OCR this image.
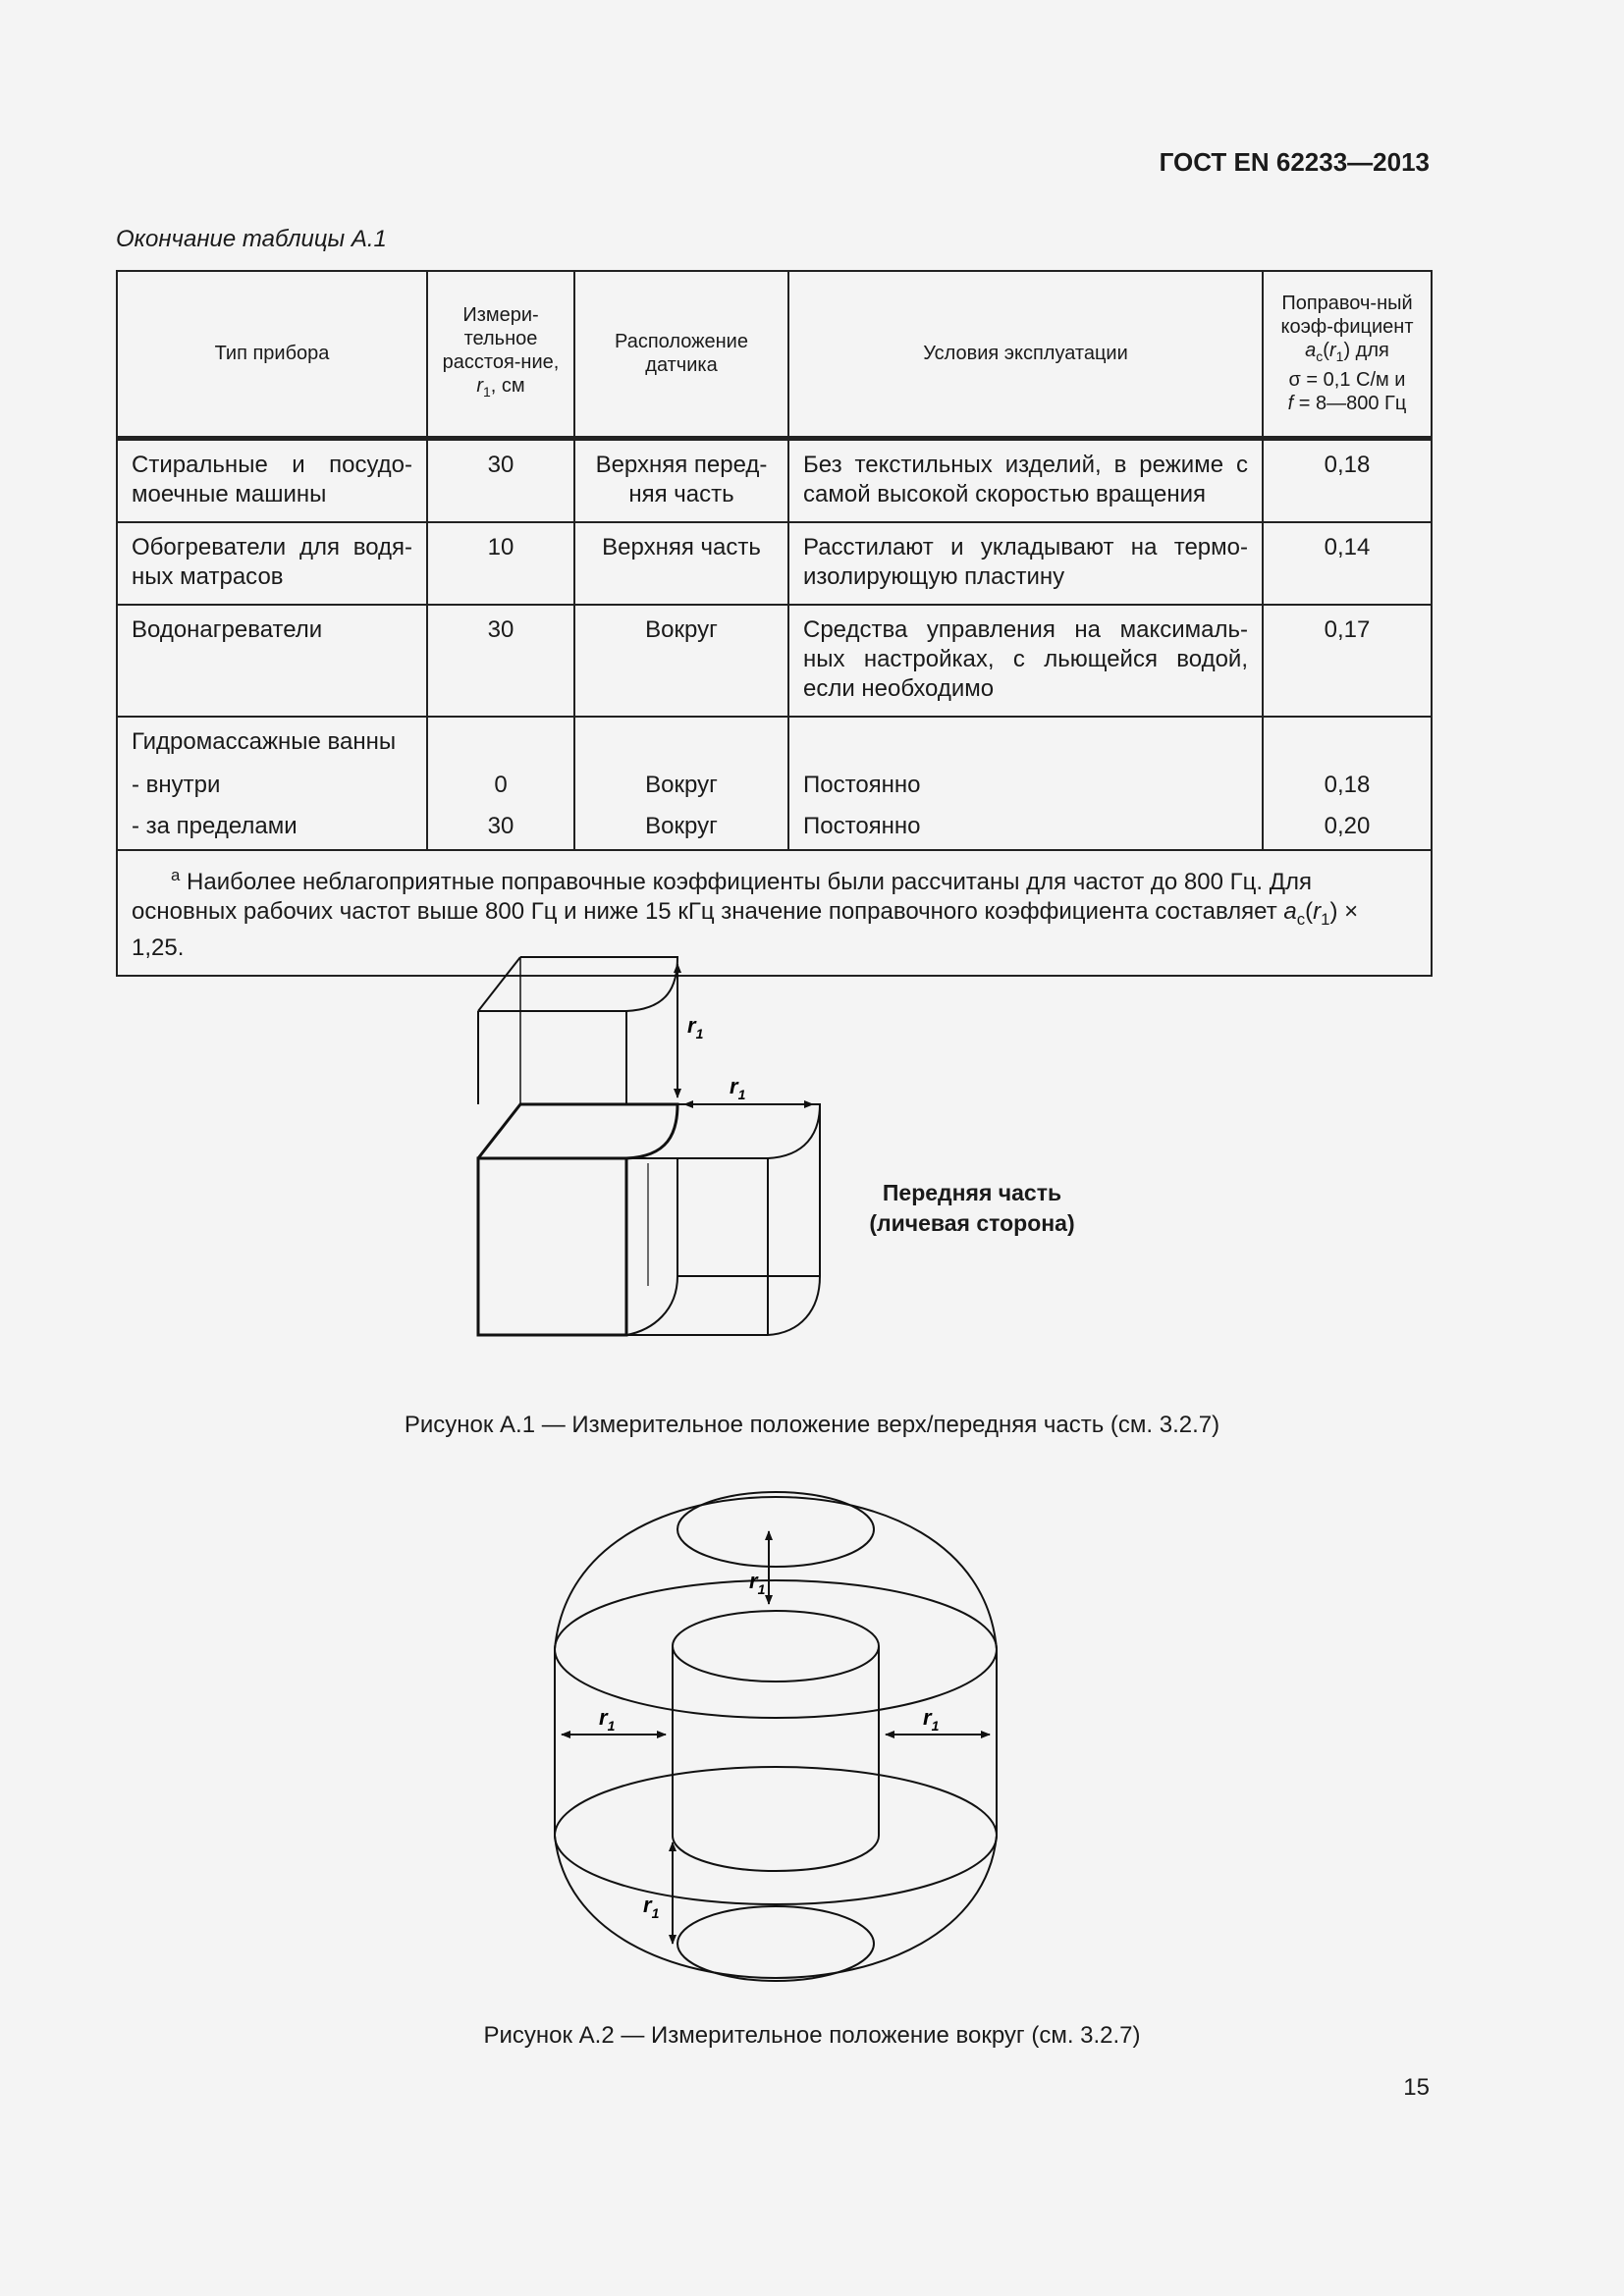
ГОСТ EN 62233—2013
Окончание таблицы А.1
Тип прибора	Измери-тельное расстоя-ние, $r_1$, см	Расположение датчика	Условия эксплуатации	Поправоч-ный коэф-фициент
$a_c(r_1)$ для
σ = 0,1 С/м и
f = 8—800 Гц
Стиральные и посудо-моечные машины	30	Верхняя перед-няя часть	Без текстильных изделий, в режиме с самой высокой скоростью вращения	0,18
Обогреватели для водя-ных матрасов	10	Верхняя часть	Расстилают и укладывают на термо-изолирующую пластину	0,14
Водонагреватели	30	Вокруг	Средства управления на максималь-ных настройках, с льющейся водой, если необходимо	0,17
Гидромассажные ванны				
- внутри	0	Вокруг	Постоянно	0,18
- за пределами	30	Вокруг	Постоянно	0,20
$^a$ Наиболее неблагоприятные поправочные коэффициенты были рассчитаны для частот до 800 Гц. Для основных рабочих частот выше 800 Гц и ниже 15 кГц значение поправочного коэффициента составляет $a_c(r_1) \times 1,25$.				
$r_1$
$r_1$
Передняя часть
(личевая сторона)
Рисунок А.1 — Измерительное положение верх/передняя часть (см. 3.2.7)
$r_1$
$r_1$	$r_1$
$r_1$
Рисунок А.2 — Измерительное положение вокруг (см. 3.2.7)
15
